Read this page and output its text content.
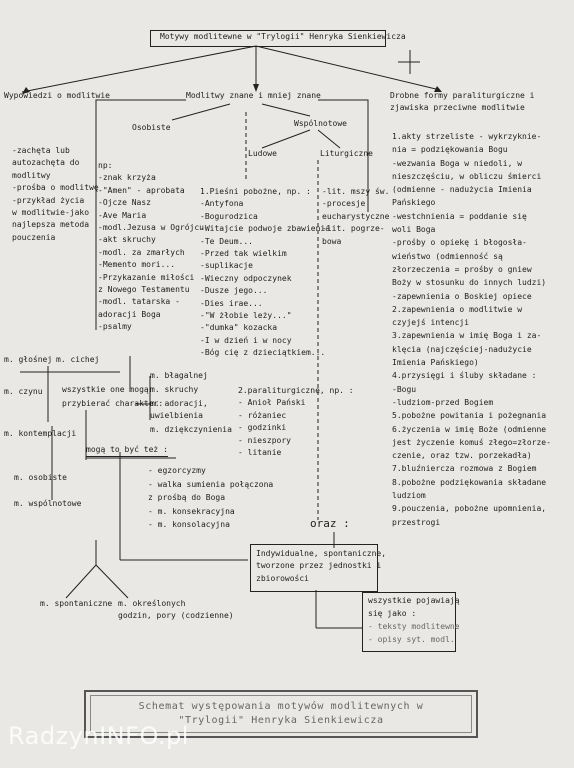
Motywy modlitewne w "Trylogii" Henryka Sienkiewicza
Wypowiedzi o modlitwie	Modlitwy znane i mniej znane	Drobne formy paraliturgiczne i
zjawiska przeciwne modlitwie
Osobiste	Wspólnotowe
Ludowe	Liturgiczne
-zachęta lub
autozachęta do
modlitwy
-prośba o modlitwę
-przykład życia
w modlitwie-jako
najlepsza metoda
pouczenia
np:
-znak krzyża
-"Amen" - aprobata
-Ojcze Nasz
-Ave Maria
-modl.Jezusa w Ogrójcu
-akt skruchy
-modl. za zmarłych
-Memento mori...
-Przykazanie miłości
z Nowego Testamentu
-modl. tatarska -
adoracji Boga
-psalmy
1.Pieśni pobożne, np. :
-Antyfona
-Bogurodzica
-Witajcie podwoje zbawienia
-Te Deum...
-Przed tak wielkim
-suplikacje
-Wieczny odpoczynek
-Dusze jego...
-Dies irae...
-"W żłobie leży..."
-"dumka" kozacka
-I w dzień i w nocy
-Bóg cię z dzieciątkiem...
-lit. mszy św.
-procesje
eucharystyczne
-lit. pogrze-
bowa
2.paraliturgiczne, np. :
- Anioł Pański
- różaniec
- godzinki
- nieszpory
- litanie
1.akty strzeliste - wykrzyknie-
nia = podziękowania Bogu
-wezwania Boga w niedoli, w
nieszczęściu, w obliczu śmierci
(odmienne - nadużycia Imienia
Pańskiego
-westchnienia = poddanie się
woli Boga
-prośby o opiekę i błogosła-
wieństwo (odmienność są
złorzeczenia = prośby o gniew
Boży w stosunku do innych ludzi)
-zapewnienia o Boskiej opiece
2.zapewnienia o modlitwie w
czyjejś intencji
3.zapewnienia w imię Boga i za-
klęcia (najczęściej-nadużycie
Imienia Pańskiego)
4.przysięgi i śluby składane :
-Bogu
-ludziom-przed Bogiem
5.pobożne powitania i pożegnania
6.życzenia w imię Boże (odmienne
jest życzenie komuś złego=złorze-
czenie, oraz tzw. porzekadła)
7.bluźniercza rozmowa z Bogiem
8.pobożne podziękowania składane
ludziom
9.pouczenia, pobożne upomnienia,
przestrogi
m. głośnej m. cichej
m. czynu
m. kontemplacji
m. osobiste
m. wspólnotowe
m. spontaniczne m. określonych
godzin, pory (codzienne)
wszystkie one mogą
przybierać charakter:
m. błagalnej
m. skruchy
m. adoracji,
uwielbienia
m. dziękczynienia
mogą to być też :
- egzorcyzmy
- walka sumienia połączona
z prośbą do Boga
- m. konsekracyjna
- m. konsolacyjna	oraz :
Indywidualne, spontaniczne,
tworzone przez jednostki i
zbiorowości
wszystkie pojawiają
się jako :
- teksty modlitewne
- opisy syt. modl.
Schemat występowania motywów modlitewnych w
"Trylogii" Henryka Sienkiewicza
RadzynINFO.pl
